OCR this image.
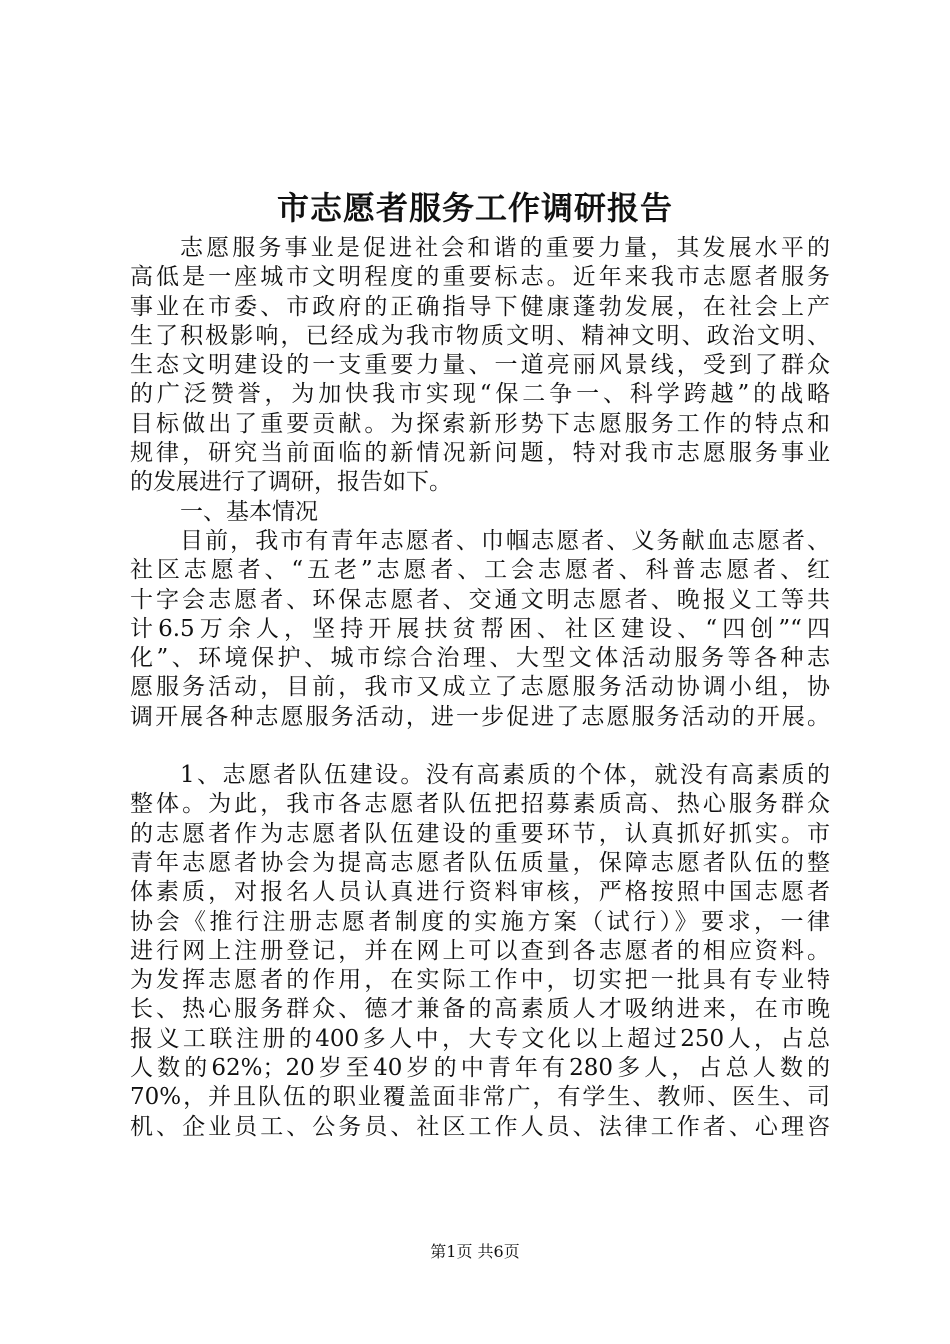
市志愿者服务工作调研报告
志愿服务事业是促进社会和谐的重要力量，其发展水平的
高低是一座城市文明程度的重要标志。近年来我市志愿者服务
事业在市委、市政府的正确指导下健康蓬勃发展，在社会上产
生了积极影响，已经成为我市物质文明、精神文明、政治文明、
生态文明建设的一支重要力量、一道亮丽风景线，受到了群众
的广泛赞誉，为加快我市实现“保二争一、科学跨越”的战略
目标做出了重要贡献。为探索新形势下志愿服务工作的特点和
规律，研究当前面临的新情况新问题，特对我市志愿服务事业
的发展进行了调研，报告如下。
一、基本情况
目前，我市有青年志愿者、巾帼志愿者、义务献血志愿者、
社区志愿者、“五老”志愿者、工会志愿者、科普志愿者、红
十字会志愿者、环保志愿者、交通文明志愿者、晚报义工等共
计6.5万余人，坚持开展扶贫帮困、社区建设、“四创”“四
化”、环境保护、城市综合治理、大型文体活动服务等各种志
愿服务活动，目前，我市又成立了志愿服务活动协调小组，协
调开展各种志愿服务活动，进一步促进了志愿服务活动的开展。
1、志愿者队伍建设。没有高素质的个体，就没有高素质的
整体。为此，我市各志愿者队伍把招募素质高、热心服务群众
的志愿者作为志愿者队伍建设的重要环节，认真抓好抓实。市
青年志愿者协会为提高志愿者队伍质量，保障志愿者队伍的整
体素质，对报名人员认真进行资料审核，严格按照中国志愿者
协会《推行注册志愿者制度的实施方案（试行）》要求，一律
进行网上注册登记，并在网上可以查到各志愿者的相应资料。
为发挥志愿者的作用，在实际工作中，切实把一批具有专业特
长、热心服务群众、德才兼备的高素质人才吸纳进来，在市晚
报义工联注册的400多人中，大专文化以上超过250人，占总
人数的62%；20岁至40岁的中青年有280多人，占总人数的
70%，并且队伍的职业覆盖面非常广，有学生、教师、医生、司
机、企业员工、公务员、社区工作人员、法律工作者、心理咨
第1页 共6页
